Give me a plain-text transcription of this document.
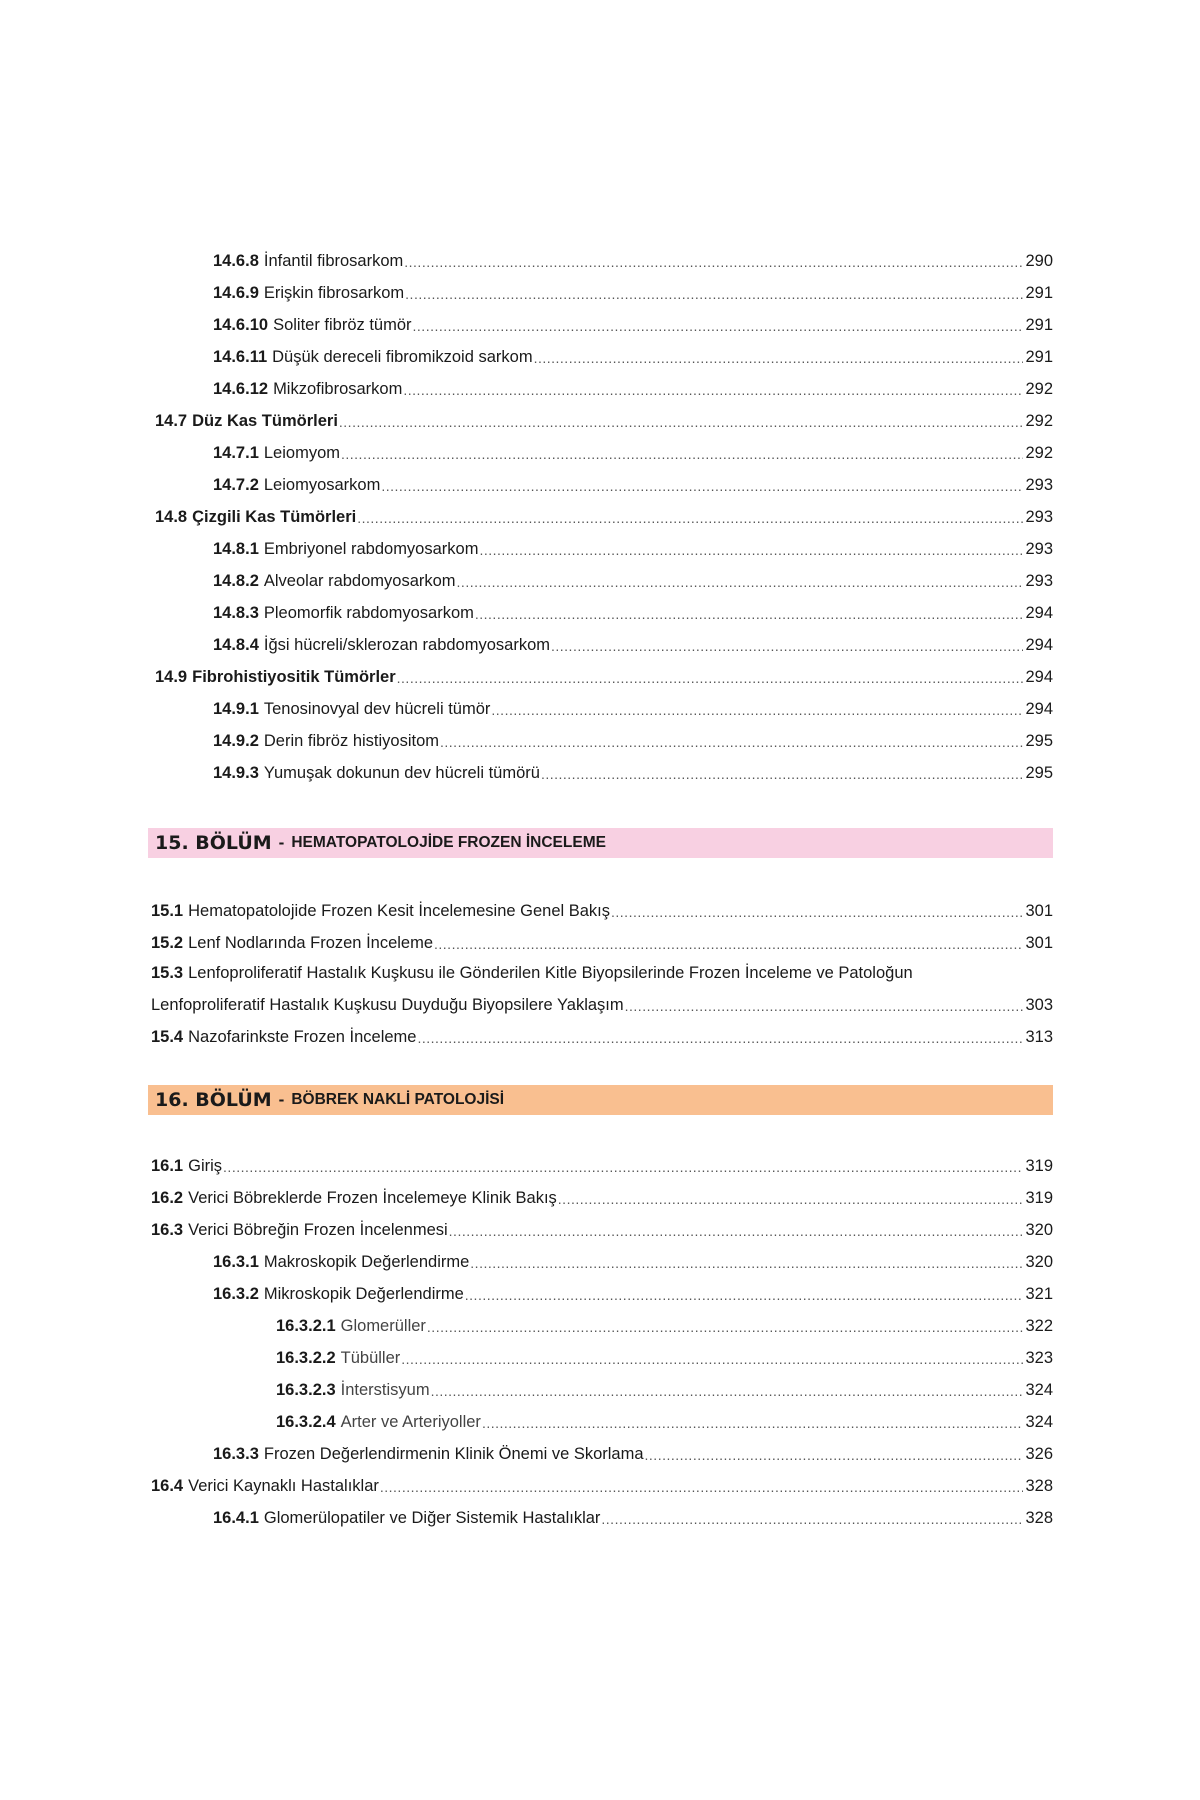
14.6.8 İnfantil fibrosarkom .....	290
14.6.9 Erişkin fibrosarkom .....	291
14.6.10 Soliter fibröz tümör .....	291
14.6.11 Düşük dereceli fibromikzoid sarkom .....	291
14.6.12 Mikzofibrosarkom .....	292
14.7 Düz Kas Tümörleri .....	292
14.7.1 Leiomyom .....	292
14.7.2 Leiomyosarkom .....	293
14.8 Çizgili Kas Tümörleri .....	293
14.8.1 Embriyonel rabdomyosarkom .....	293
14.8.2 Alveolar rabdomyosarkom .....	293
14.8.3 Pleomorfik rabdomyosarkom .....	294
14.8.4 İğsi hücreli/sklerozan rabdomyosarkom .....	294
14.9 Fibrohistiyositik Tümörler .....	294
14.9.1 Tenosinovyal dev hücreli tümör .....	294
14.9.2 Derin fibröz histiyositom .....	295
14.9.3 Yumuşak dokunun dev hücreli tümörü .....	295
15. BÖLÜM - HEMATOPATOLOJİDE FROZEN İNCELEME
15.1 Hematopatolojide Frozen Kesit İncelemesine Genel Bakış .....	301
15.2 Lenf Nodlarında Frozen İnceleme .....	301
15.3 Lenfoproliferatif Hastalık Kuşkusu ile Gönderilen Kitle Biyopsilerinde Frozen İnceleme ve Patoloğun
Lenfoproliferatif Hastalık Kuşkusu Duyduğu Biyopsilere Yaklaşım .....	303
15.4 Nazofarinkste Frozen İnceleme .....	313
16. BÖLÜM - BÖBREK NAKLİ PATOLOJİSİ
16.1 Giriş .....	319
16.2 Verici Böbreklerde Frozen İncelemeye Klinik Bakış .....	319
16.3 Verici Böbreğin Frozen İncelenmesi .....	320
16.3.1 Makroskopik Değerlendirme .....	320
16.3.2 Mikroskopik Değerlendirme .....	321
16.3.2.1 Glomerüller .....	322
16.3.2.2 Tübüller .....	323
16.3.2.3 İnterstisyum .....	324
16.3.2.4 Arter ve Arteriyoller .....	324
16.3.3 Frozen Değerlendirmenin Klinik Önemi ve Skorlama .....	326
16.4 Verici Kaynaklı Hastalıklar .....	328
16.4.1 Glomerülopatiler ve Diğer Sistemik Hastalıklar .....	328
